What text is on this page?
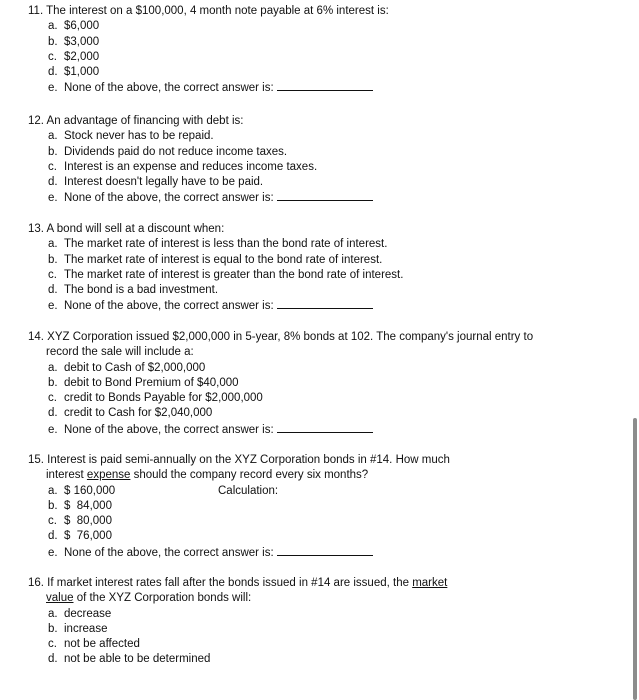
11. The interest on a $100,000, 4 month note payable at 6% interest is:
a. $6,000
b. $3,000
c. $2,000
d. $1,000
e. None of the above, the correct answer is:
12. An advantage of financing with debt is:
a. Stock never has to be repaid.
b. Dividends paid do not reduce income taxes.
c. Interest is an expense and reduces income taxes.
d. Interest doesn't legally have to be paid.
e. None of the above, the correct answer is:
13. A bond will sell at a discount when:
a. The market rate of interest is less than the bond rate of interest.
b. The market rate of interest is equal to the bond rate of interest.
c. The market rate of interest is greater than the bond rate of interest.
d. The bond is a bad investment.
e. None of the above, the correct answer is:
14. XYZ Corporation issued $2,000,000 in 5-year, 8% bonds at 102. The company's journal entry to
record the sale will include a:
a. debit to Cash of $2,000,000
b. debit to Bond Premium of $40,000
c. credit to Bonds Payable for $2,000,000
d. credit to Cash for $2,040,000
e. None of the above, the correct answer is:
15. Interest is paid semi-annually on the XYZ Corporation bonds in #14. How much
interest expense should the company record every six months?
a. $ 160,000	Calculation:
b. $  84,000
c. $  80,000
d. $  76,000
e. None of the above, the correct answer is:
16. If market interest rates fall after the bonds issued in #14 are issued, the market
value of the XYZ Corporation bonds will:
a. decrease
b. increase
c. not be affected
d. not be able to be determined
